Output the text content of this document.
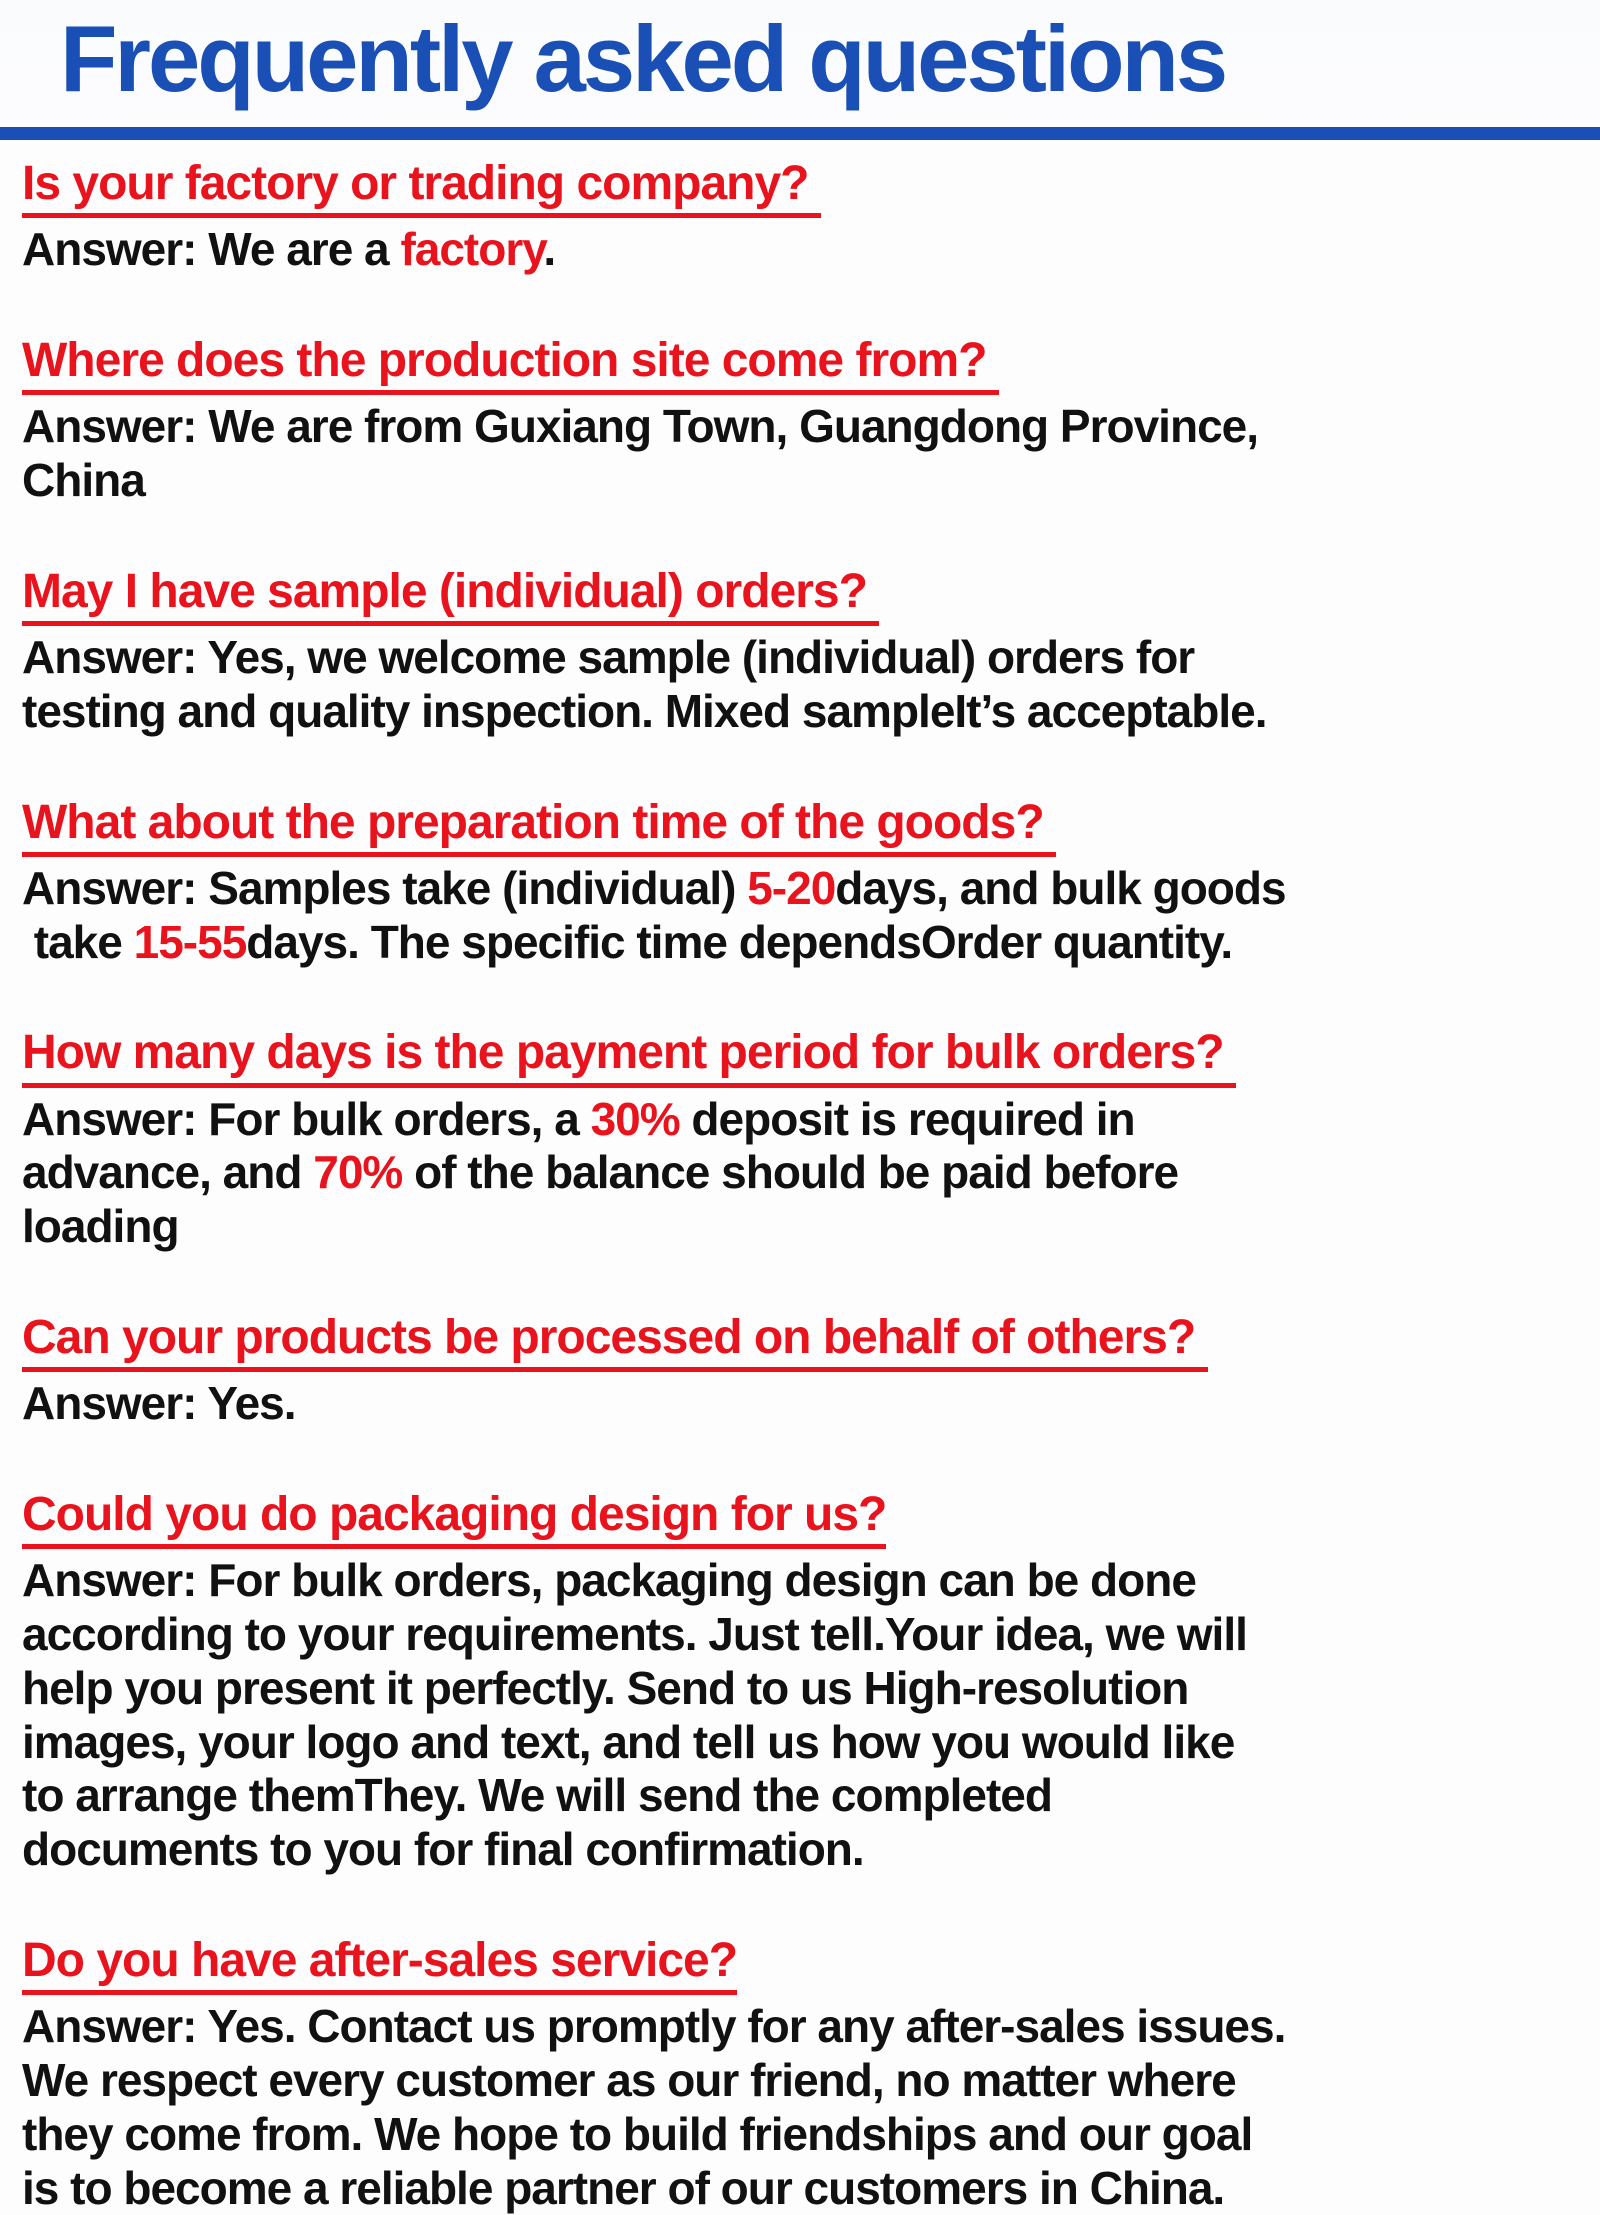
Frequently asked questions
Is your factory or trading company?
Answer: We are a factory.
Where does the production site come from?
Answer: We are from Guxiang Town, Guangdong Province,
China
May I have sample (individual) orders?
Answer: Yes, we welcome sample (individual) orders for
testing and quality inspection. Mixed sampleIt’s acceptable.
What about the preparation time of the goods?
Answer: Samples take (individual) 5-20days, and bulk goods
take 15-55days. The specific time dependsOrder quantity.
How many days is the payment period for bulk orders?
Answer: For bulk orders, a 30% deposit is required in
advance, and 70% of the balance should be paid before
loading
Can your products be processed on behalf of others?
Answer: Yes.
Could you do packaging design for us?
Answer: For bulk orders, packaging design can be done
according to your requirements. Just tell.Your idea, we will
help you present it perfectly. Send to us High-resolution
images, your logo and text, and tell us how you would like
to arrange themThey. We will send the completed
documents to you for final confirmation.
Do you have after-sales service?
Answer: Yes. Contact us promptly for any after-sales issues.
We respect every customer as our friend, no matter where
they come from. We hope to build friendships and our goal
is to become a reliable partner of our customers in China.
